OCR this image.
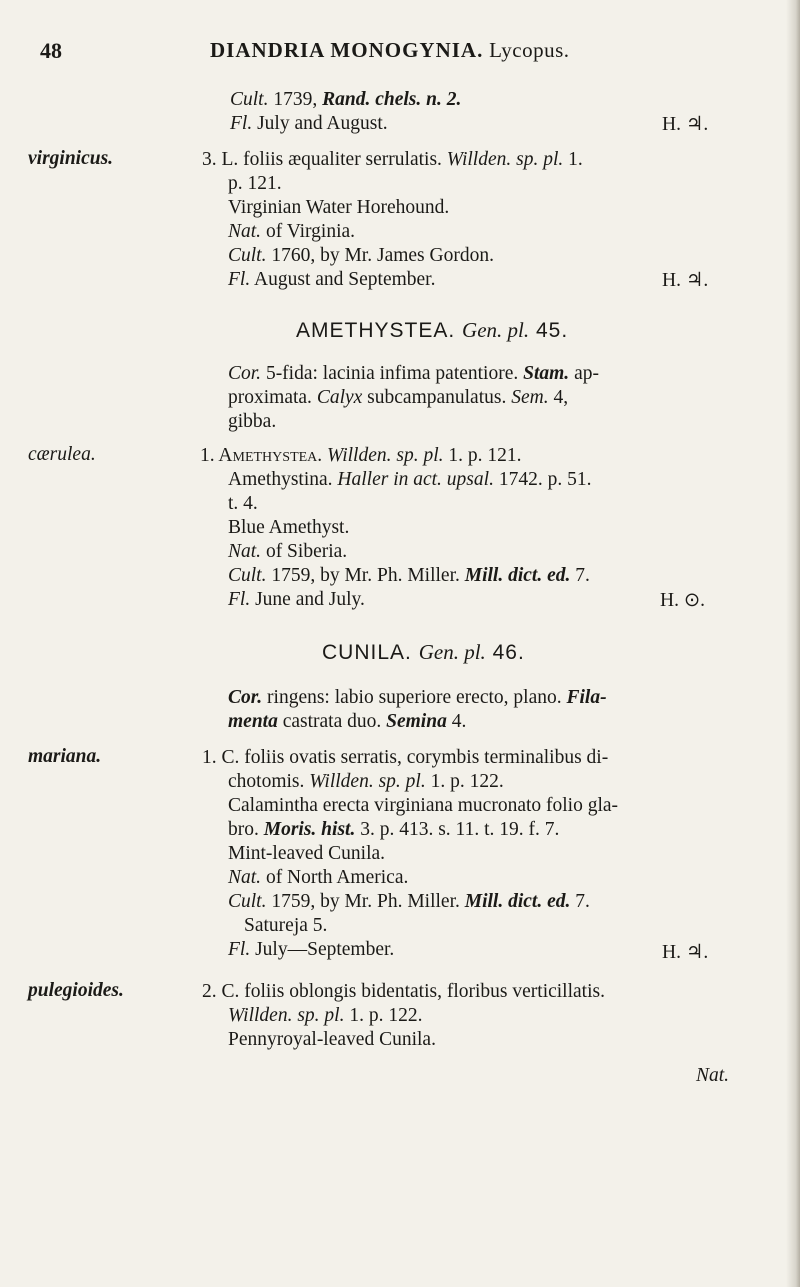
48	DIANDRIA MONOGYNIA. Lycopus.
Cult. 1739, Rand. chels. n. 2.
Fl. July and August.	H. ♃.
virginicus.	3. L. foliis æqualiter serrulatis. Willden. sp. pl. 1.
p. 121.
Virginian Water Horehound.
Nat. of Virginia.
Cult. 1760, by Mr. James Gordon.
Fl. August and September.	H. ♃.
AMETHYSTEA. Gen. pl. 45.
Cor. 5-fida: lacinia infima patentiore. Stam. ap-
proximata. Calyx subcampanulatus. Sem. 4,
gibba.
cærulea.	1. Amethystea. Willden. sp. pl. 1. p. 121.
Amethystina. Haller in act. upsal. 1742. p. 51.
t. 4.
Blue Amethyst.
Nat. of Siberia.
Cult. 1759, by Mr. Ph. Miller. Mill. dict. ed. 7.
Fl. June and July.	H. ⊙.
CUNILA. Gen. pl. 46.
Cor. ringens: labio superiore erecto, plano. Fila-
menta castrata duo. Semina 4.
mariana.	1. C. foliis ovatis serratis, corymbis terminalibus di-
chotomis. Willden. sp. pl. 1. p. 122.
Calamintha erecta virginiana mucronato folio gla-
bro. Moris. hist. 3. p. 413. s. 11. t. 19. f. 7.
Mint-leaved Cunila.
Nat. of North America.
Cult. 1759, by Mr. Ph. Miller. Mill. dict. ed. 7.
Satureja 5.
Fl. July—September.	H. ♃.
pulegioides.	2. C. foliis oblongis bidentatis, floribus verticillatis.
Willden. sp. pl. 1. p. 122.
Pennyroyal-leaved Cunila.
Nat.
